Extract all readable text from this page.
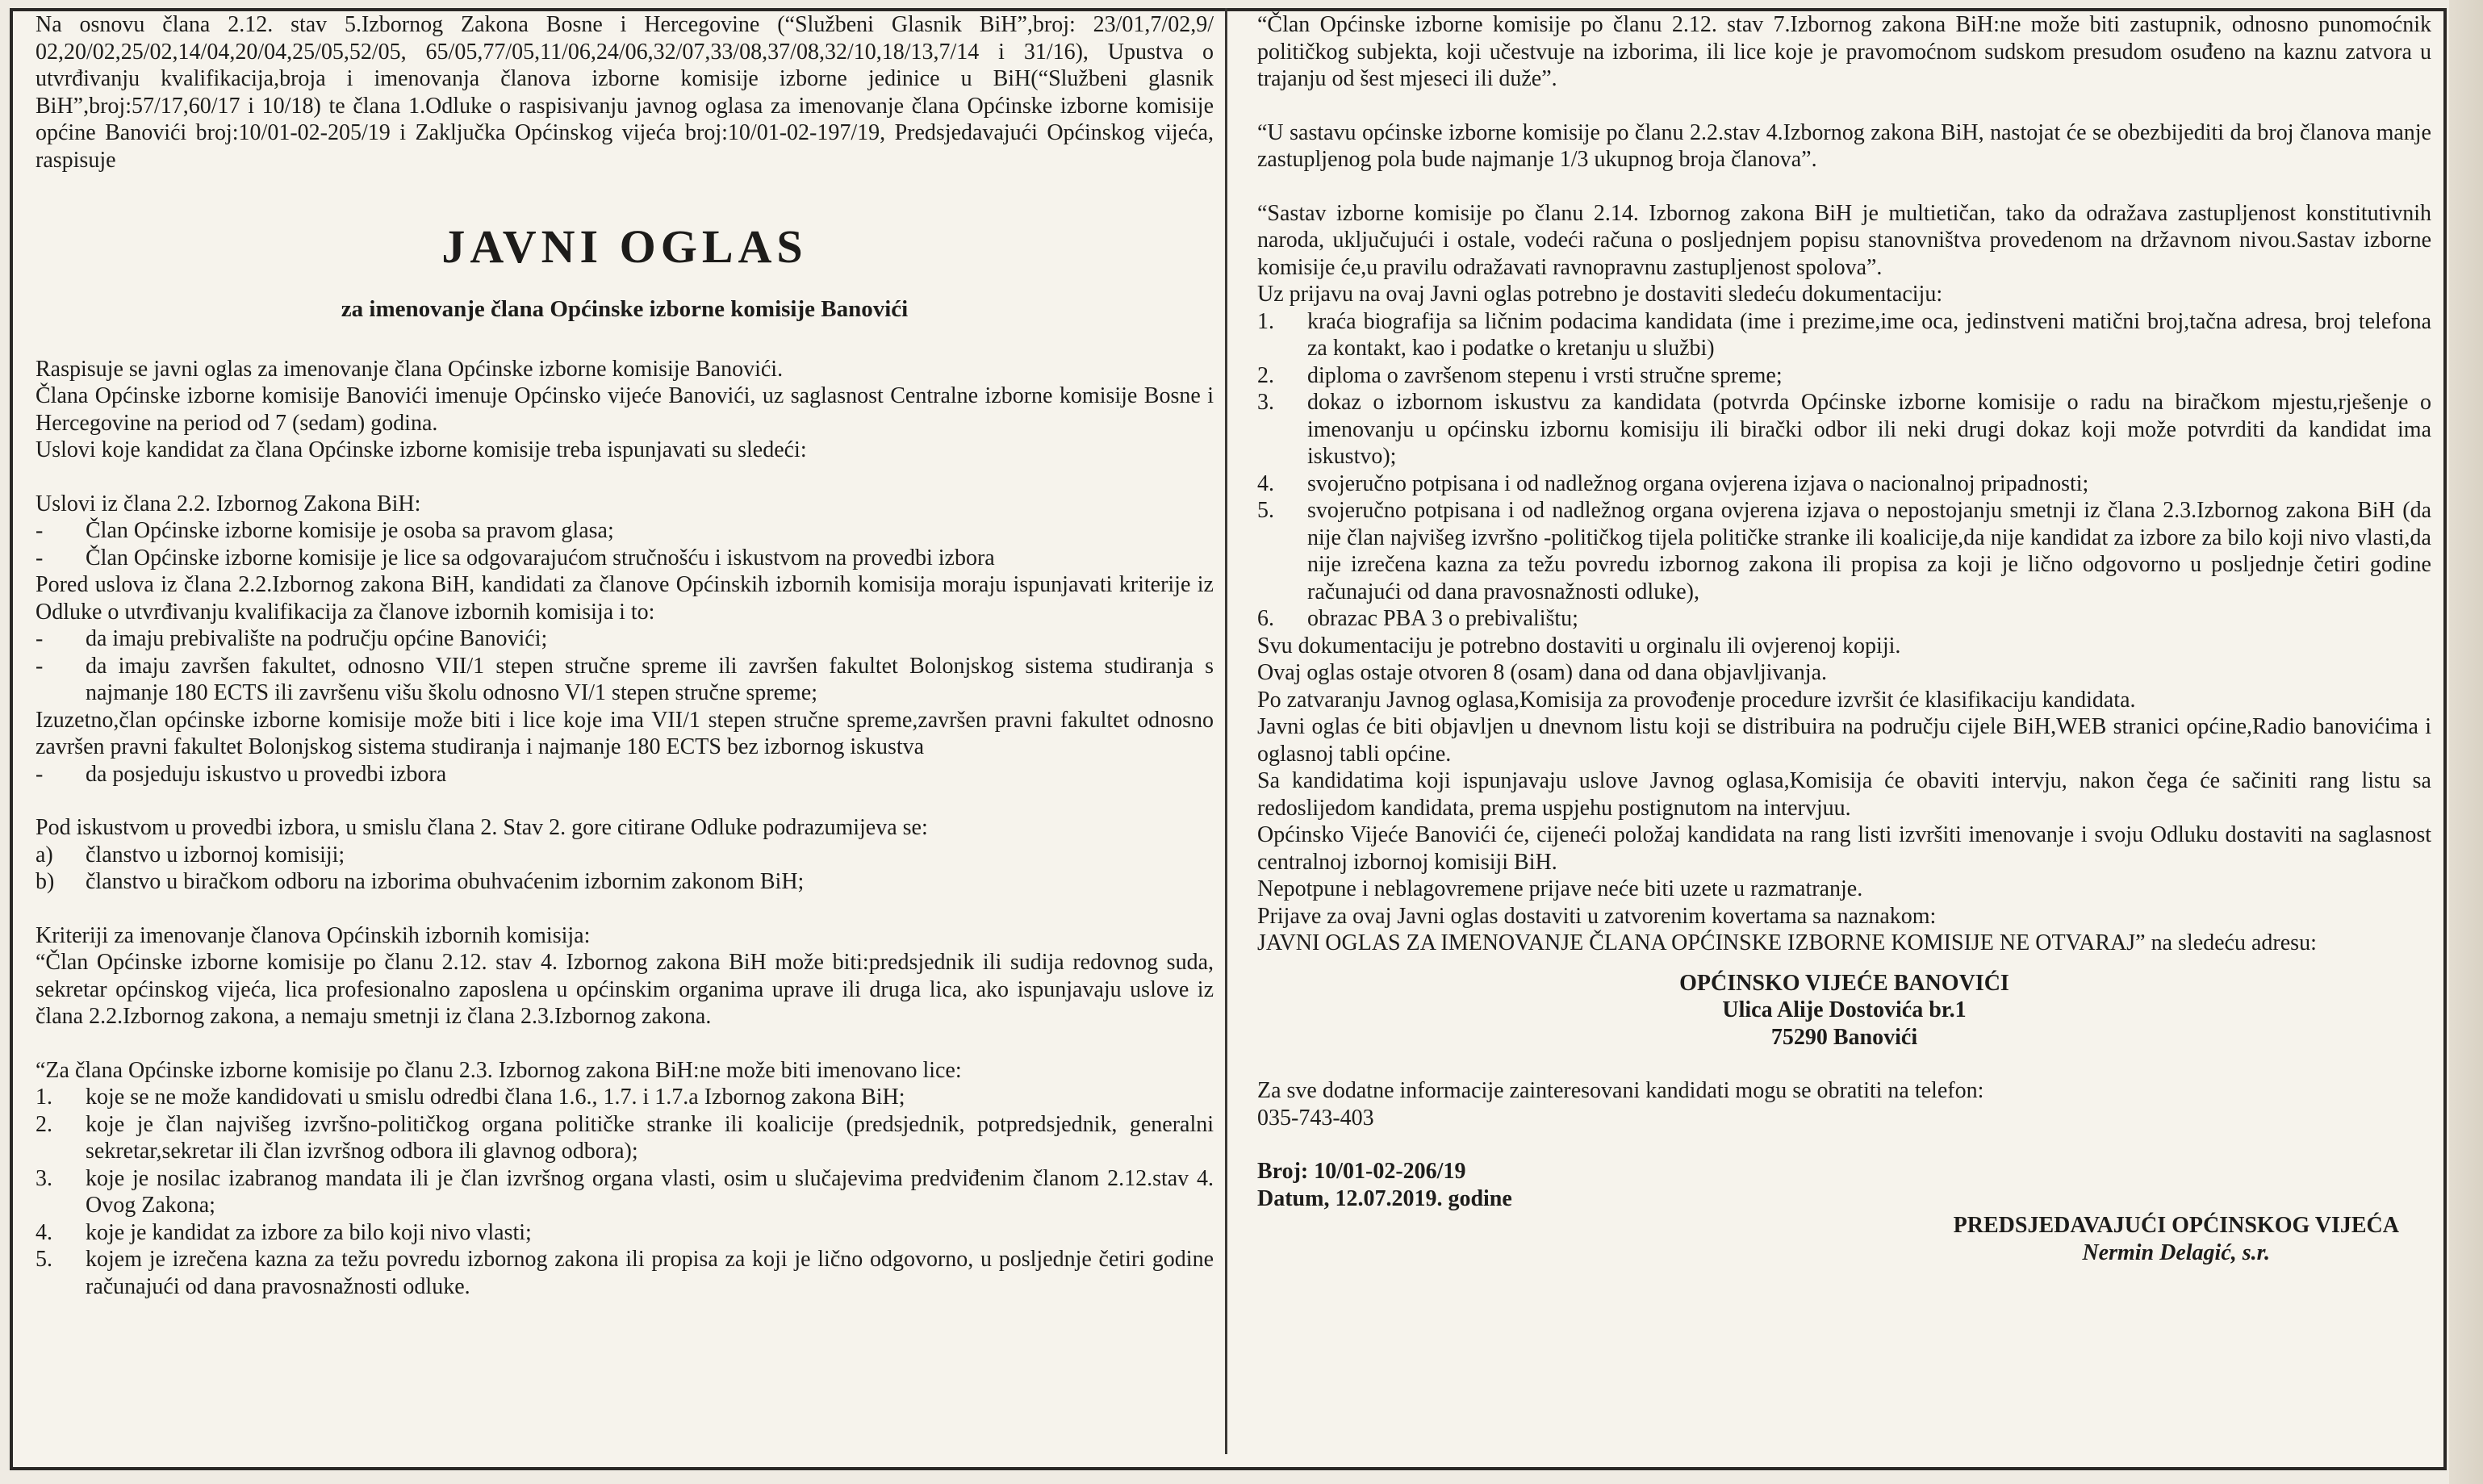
Na osnovu člana 2.12. stav 5.Izbornog Zakona Bosne i Hercegovine (“Službeni Glasnik BiH”,broj: 23/01,7/02,9/ 02,20/02,25/02,14/04,20/04,25/05,52/05, 65/05,77/05,11/06,24/06,32/07,33/08,37/08,32/10,18/13,7/14 i 31/16), Upustva o utvrđivanju kvalifikacija,broja i imenovanja članova izborne komisije izborne jedinice u BiH(“Službeni glasnik BiH”,broj:57/17,60/17 i 10/18) te člana 1.Odluke o raspisivanju javnog oglasa za imenovanje člana Općinske izborne komisije općine Banovići broj:10/01-02-205/19 i Zaključka Općinskog vijeća broj:10/01-02-197/19, Predsjedavajući Općinskog vijeća, raspisuje

JAVNI OGLAS
za imenovanje člana Općinske izborne komisije Banovići

Raspisuje se javni oglas za imenovanje člana Općinske izborne komisije Banovići.

Člana Općinske izborne komisije Banovići imenuje Općinsko vijeće Banovići, uz saglasnost Centralne izborne komisije Bosne i Hercegovine na period od 7 (sedam) godina.

Uslovi koje kandidat za člana Općinske izborne komisije treba ispunjavati su sledeći:

Uslovi iz člana 2.2. Izbornog Zakona BiH:

-	Član Općinske izborne komisije je osoba sa pravom glasa;
-	Član Općinske izborne komisije je lice sa odgovarajućom stručnošću i iskustvom na provedbi izbora

Pored uslova iz člana 2.2.Izbornog zakona BiH, kandidati za članove Općinskih izbornih komisija moraju ispunjavati kriterije iz Odluke o utvrđivanju kvalifikacija za članove izbornih komisija i to:

-	da imaju prebivalište na području općine Banovići;
-	da imaju završen fakultet, odnosno VII/1 stepen stručne spreme ili završen fakultet Bolonjskog sistema studiranja s najmanje 180 ECTS ili završenu višu školu odnosno VI/1 stepen stručne spreme;

Izuzetno,član općinske izborne komisije može biti i lice koje ima VII/1 stepen stručne spreme,završen pravni fakultet odnosno završen pravni fakultet Bolonjskog sistema studiranja i najmanje 180 ECTS bez izbornog iskustva

-	da posjeduju iskustvo u provedbi izbora

Pod iskustvom u provedbi izbora, u smislu člana 2. Stav 2. gore citirane Odluke podrazumijeva se:

a)	članstvo u izbornoj komisiji;
b)	članstvo u biračkom odboru na izborima obuhvaćenim izbornim zakonom BiH;

Kriteriji za imenovanje članova Općinskih izbornih komisija:

“Član Općinske izborne komisije po članu 2.12. stav 4. Izbornog zakona BiH može biti:predsjednik ili sudija redovnog suda, sekretar općinskog vijeća, lica profesionalno zaposlena u općinskim organima uprave ili druga lica, ako ispunjavaju uslove iz člana 2.2.Izbornog zakona, a nemaju smetnji iz člana 2.3.Izbornog zakona.

“Za člana Općinske izborne komisije po članu 2.3. Izbornog zakona BiH:ne može biti imenovano lice:

1.	koje se ne može kandidovati u smislu odredbi člana 1.6., 1.7. i 1.7.a Izbornog zakona BiH;
2.	koje je član najvišeg izvršno-političkog organa političke stranke ili koalicije (predsjednik, potpredsjednik, generalni sekretar,sekretar ili član izvršnog odbora ili glavnog odbora);
3.	koje je nosilac izabranog mandata ili je član izvršnog organa vlasti, osim u slučajevima predviđenim članom 2.12.stav 4. Ovog Zakona;
4.	koje je kandidat za izbore za bilo koji nivo vlasti;
5.	kojem je izrečena kazna za težu povredu izbornog zakona ili propisa za koji je lično odgovorno, u posljednje četiri godine računajući od dana pravosnažnosti odluke.

“Član Općinske izborne komisije po članu 2.12. stav 7.Izbornog zakona BiH:ne može biti zastupnik, odnosno punomoćnik političkog subjekta, koji učestvuje na izborima, ili lice koje je pravomoćnom sudskom presudom osuđeno na kaznu zatvora u trajanju od šest mjeseci ili duže”.

“U sastavu općinske izborne komisije po članu 2.2.stav 4.Izbornog zakona BiH, nastojat će se obezbijediti da broj članova manje zastupljenog pola bude najmanje 1/3 ukupnog broja članova”.

“Sastav izborne komisije po članu 2.14. Izbornog zakona BiH je multietičan, tako da odražava zastupljenost konstitutivnih naroda, uključujući i ostale, vodeći računa o posljednjem popisu stanovništva provedenom na državnom nivou.Sastav izborne komisije će,u pravilu odražavati ravnopravnu zastupljenost spolova”.

Uz prijavu na ovaj Javni oglas potrebno je dostaviti sledeću dokumentaciju:

1.	kraća biografija sa ličnim podacima kandidata (ime i prezime,ime oca, jedinstveni matični broj,tačna adresa, broj telefona za kontakt, kao i podatke o kretanju u službi)
2.	diploma o završenom stepenu i vrsti stručne spreme;
3.	dokaz o izbornom iskustvu za kandidata (potvrda Općinske izborne komisije o radu na biračkom mjestu,rješenje o imenovanju u općinsku izbornu komisiju ili birački odbor ili neki drugi dokaz koji može potvrditi da kandidat ima iskustvo);
4.	svojeručno potpisana i od nadležnog organa ovjerena izjava o nacionalnoj pripadnosti;
5.	svojeručno potpisana i od nadležnog organa ovjerena izjava o nepostojanju smetnji iz člana 2.3.Izbornog zakona BiH (da nije član najvišeg izvršno -političkog tijela političke stranke ili koalicije,da nije kandidat za izbore za bilo koji nivo vlasti,da nije izrečena kazna za težu povredu izbornog zakona ili propisa za koji je lično odgovorno u posljednje četiri godine računajući od dana pravosnažnosti odluke),
6.	obrazac PBA 3 o prebivalištu;

Svu dokumentaciju je potrebno dostaviti u orginalu ili ovjerenoj kopiji.

Ovaj oglas ostaje otvoren 8 (osam) dana od dana objavljivanja.

Po zatvaranju Javnog oglasa,Komisija za provođenje procedure izvršit će klasifikaciju kandidata.

Javni oglas će biti objavljen u dnevnom listu koji se distribuira na području cijele BiH,WEB stranici općine,Radio banovićima i oglasnoj tabli općine.

Sa kandidatima koji ispunjavaju uslove Javnog oglasa,Komisija će obaviti intervju, nakon čega će sačiniti rang listu sa redoslijedom kandidata, prema uspjehu postignutom na intervjuu.

Općinsko Vijeće Banovići će, cijeneći položaj kandidata na rang listi izvršiti imenovanje i svoju Odluku dostaviti na saglasnost centralnoj izbornoj komisiji BiH.

Nepotpune i neblagovremene prijave neće biti uzete u razmatranje.

Prijave za ovaj Javni oglas dostaviti u zatvorenim kovertama sa naznakom:

JAVNI OGLAS ZA IMENOVANJE ČLANA OPĆINSKE IZBORNE KOMISIJE NE OTVARAJ” na sledeću adresu:

OPĆINSKO VIJEĆE BANOVIĆI
Ulica Alije Dostovića br.1
75290 Banovići

Za sve dodatne informacije zainteresovani kandidati mogu se obratiti na telefon:

035-743-403

Broj: 10/01-02-206/19

Datum, 12.07.2019. godine

PREDSJEDAVAJUĆI OPĆINSKOG VIJEĆA
Nermin Delagić, s.r.
